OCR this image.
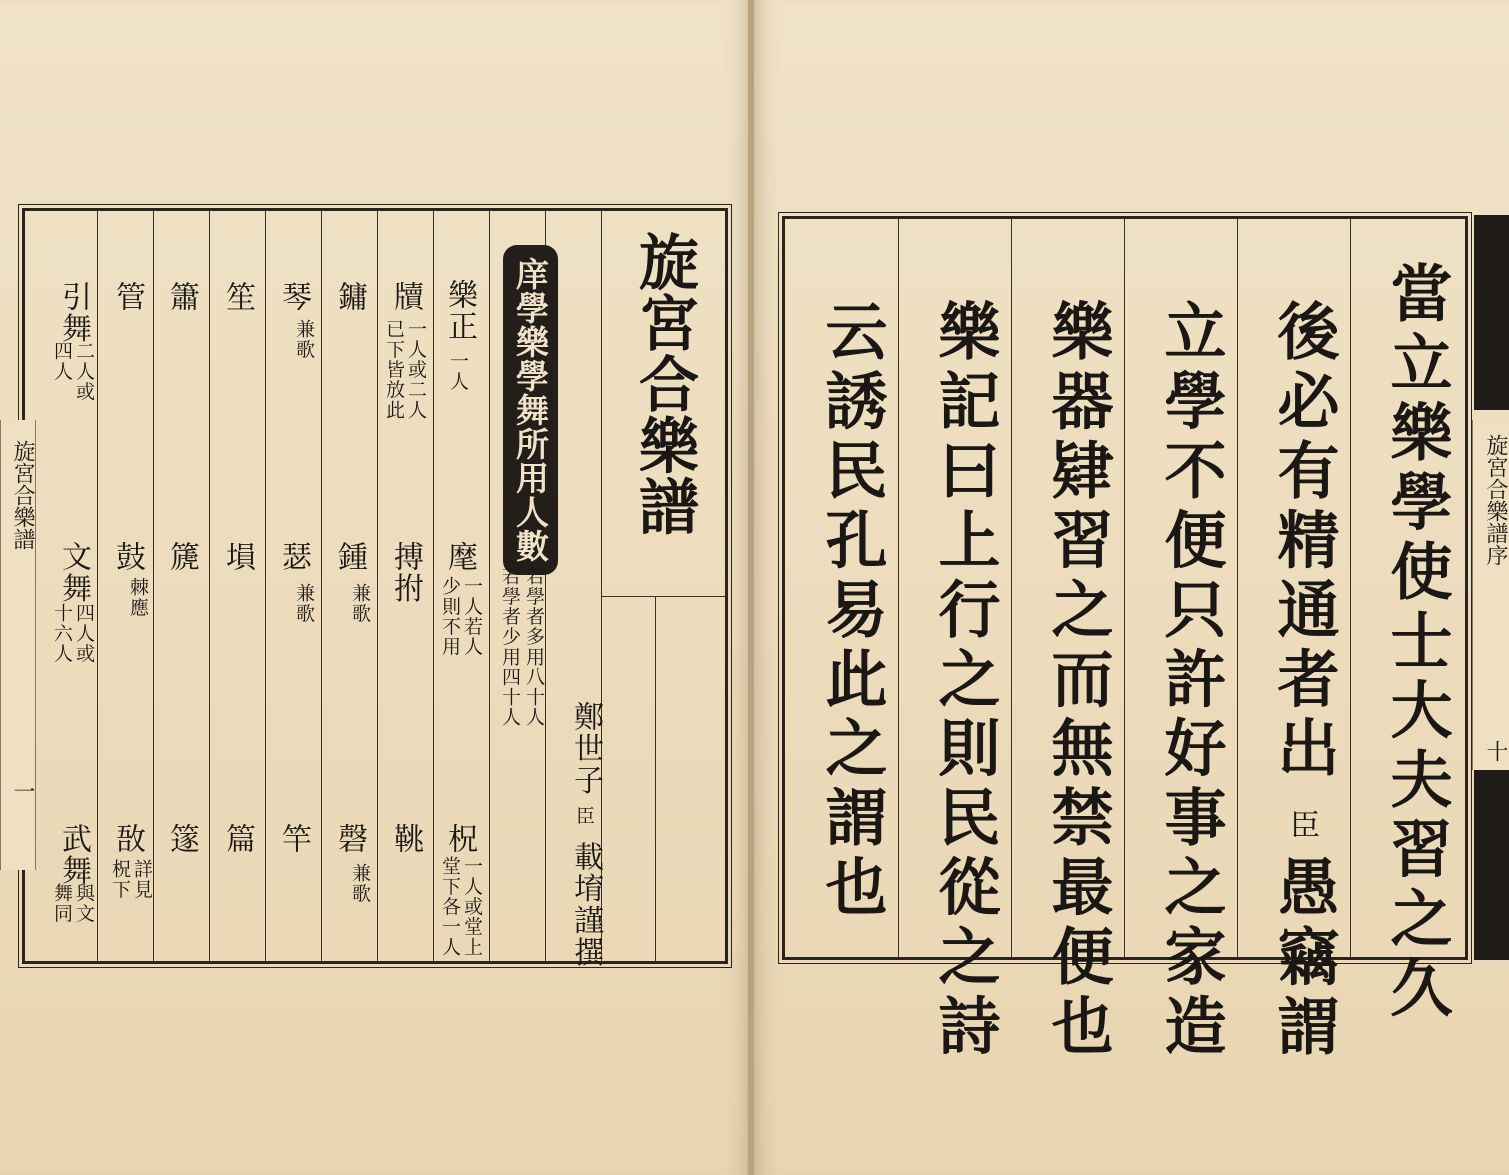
旋宮合樂譜
鄭世子
臣
載堉謹撰
庠學樂學舞所用人數
若學者多用八十人
若學者少用四十人
樂正
一人
麾
一人若人
少則不用
柷
一人或堂上
堂下各一人
牘
一人或二人
已下皆放此
搏拊
鞉
鏞
鍾
兼歌
磬
兼歌
琴
兼歌
瑟
兼歌
竿
笙
塤
篇
簫
篪
篴
管
鼓
棘應
敔
詳見
柷下
引舞
二人或
四人
文舞
四人或
十六人
武舞
與文
舞同
旋宮合樂譜
一	當立樂學使士大夫習之久
後必有精通者出
臣
愚竊謂
立學不便只許好事之家造
樂器肄習之而無禁最便也
樂記曰上行之則民從之詩
云誘民孔易此之謂也	旋宮合樂譜序
十
